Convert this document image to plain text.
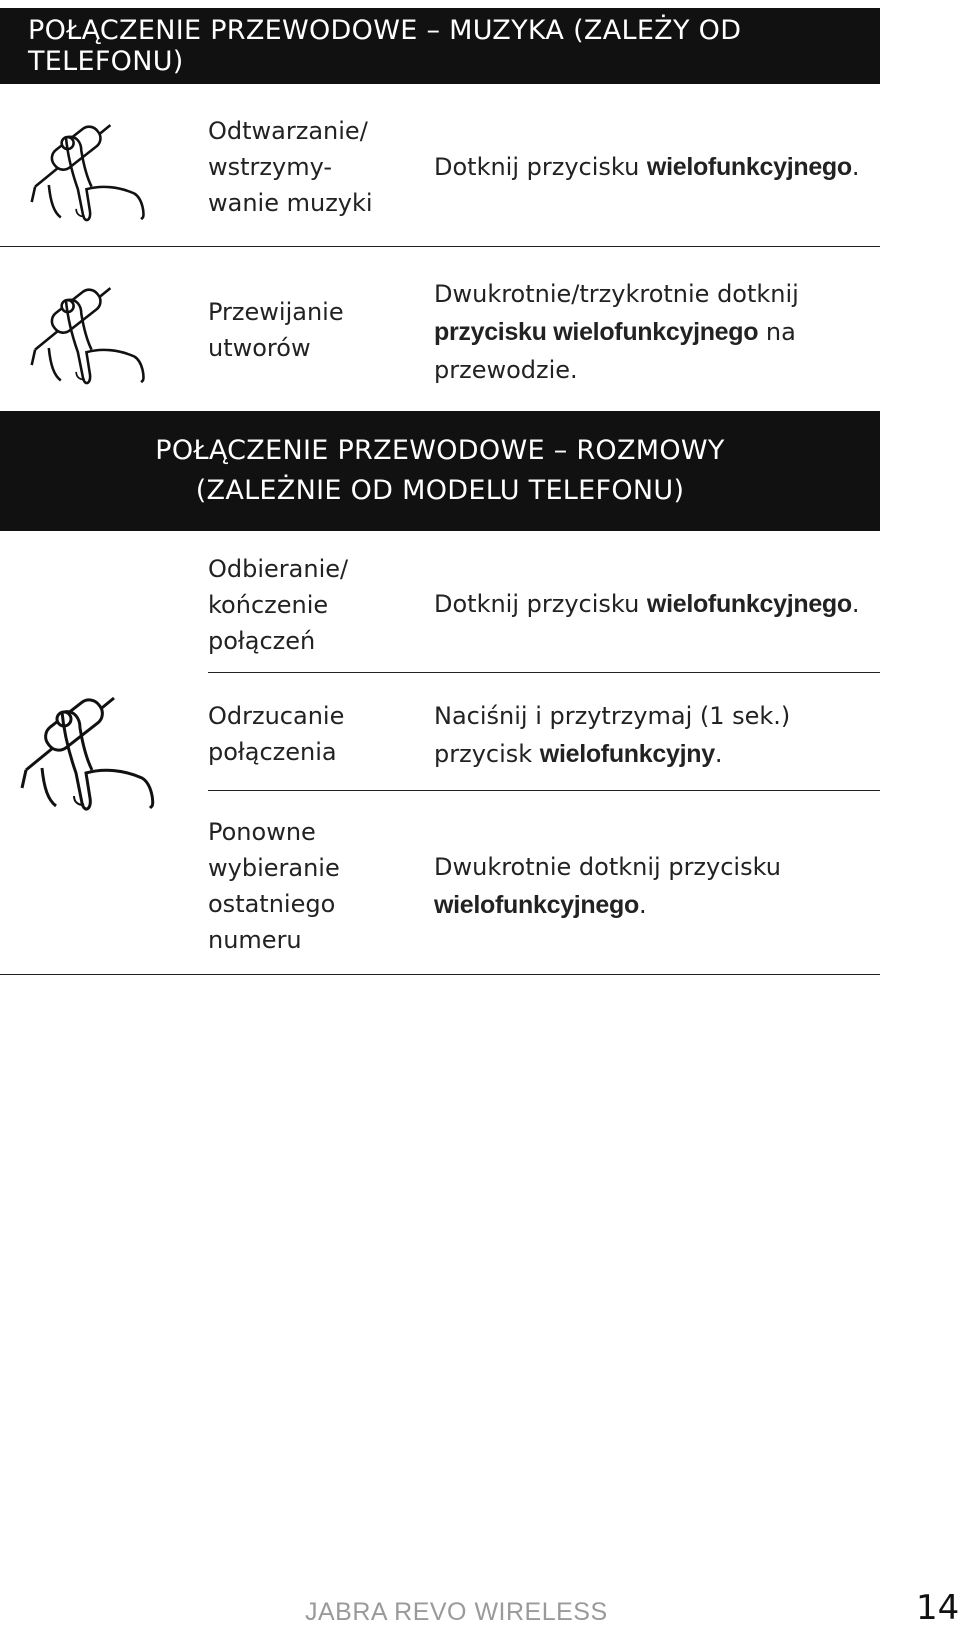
POŁĄCZENIE PRZEWODOWE – MUZYKA (ZALEŻY OD TELEFONU)
Odtwarzanie/
wstrzymy-
wanie muzyki
Dotknij przycisku wielofunkcyjnego.
Przewijanie
utworów
Dwukrotnie/trzykrotnie dotknij
przycisku wielofunkcyjnego na
przewodzie.
POŁĄCZENIE PRZEWODOWE – ROZMOWY
(ZALEŻNIE OD MODELU TELEFONU)
Odbieranie/
kończenie
połączeń
Dotknij przycisku wielofunkcyjnego.
Odrzucanie
połączenia
Naciśnij i przytrzymaj (1 sek.)
przycisk wielofunkcyjny.
Ponowne
wybieranie
ostatniego
numeru
Dwukrotnie dotknij przycisku
wielofunkcyjnego.
JABRA REVO WIRELESS	14
